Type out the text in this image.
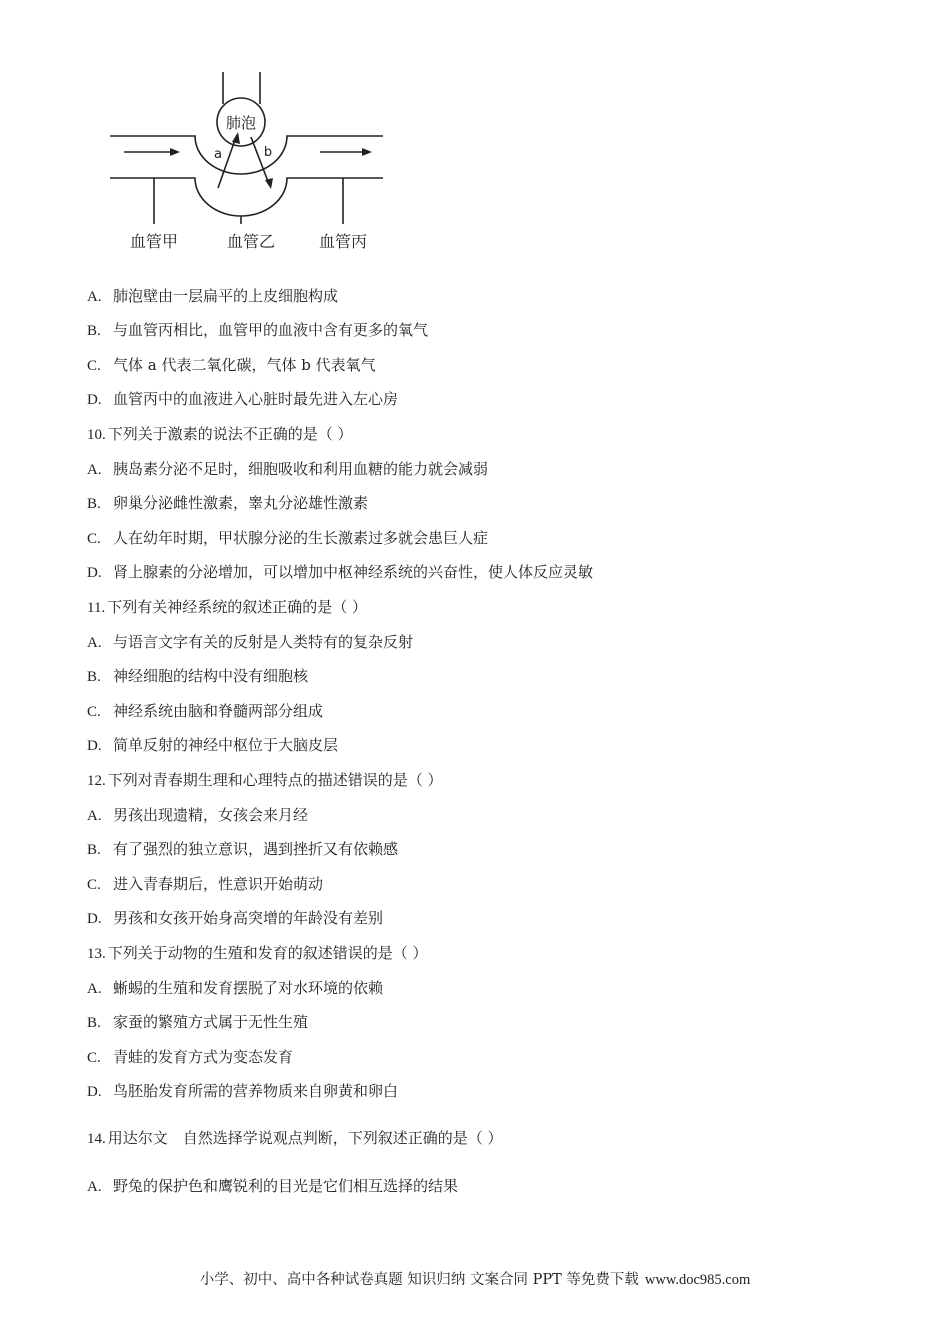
肺泡
a	b
血管甲	血管乙	血管丙
A. 肺泡壁由一层扁平的上皮细胞构成
B. 与血管丙相比，血管甲的血液中含有更多的氧气
C. 气体 a 代表二氧化碳，气体 b 代表氧气
D. 血管丙中的血液进入心脏时最先进入左心房
10. 下列关于激素的说法不正确的是（ ）
A. 胰岛素分泌不足时，细胞吸收和利用血糖的能力就会减弱
B. 卵巢分泌雌性激素，睾丸分泌雄性激素
C. 人在幼年时期，甲状腺分泌的生长激素过多就会患巨人症
D. 肾上腺素的分泌增加，可以增加中枢神经系统的兴奋性，使人体反应灵敏
11. 下列有关神经系统的叙述正确的是（ ）
A. 与语言文字有关的反射是人类特有的复杂反射
B. 神经细胞的结构中没有细胞核
C. 神经系统由脑和脊髓两部分组成
D. 简单反射的神经中枢位于大脑皮层
12. 下列对青春期生理和心理特点的描述错误的是（ ）
A. 男孩出现遗精，女孩会来月经
B. 有了强烈的独立意识，遇到挫折又有依赖感
C. 进入青春期后，性意识开始萌动
D. 男孩和女孩开始身高突增的年龄没有差别
13. 下列关于动物的生殖和发育的叙述错误的是（ ）
A. 蜥蜴的生殖和发育摆脱了对水环境的依赖
B. 家蚕的繁殖方式属于无性生殖
C. 青蛙的发育方式为变态发育
D. 鸟胚胎发育所需的营养物质来自卵黄和卵白
14. 用达尔文　自然选择学说观点判断，下列叙述正确的是（ ）
A. 野兔的保护色和鹰锐利的目光是它们相互选择的结果
小学、初中、高中各种试卷真题 知识归纳 文案合同 PPT 等免费下载 www.doc985.com
